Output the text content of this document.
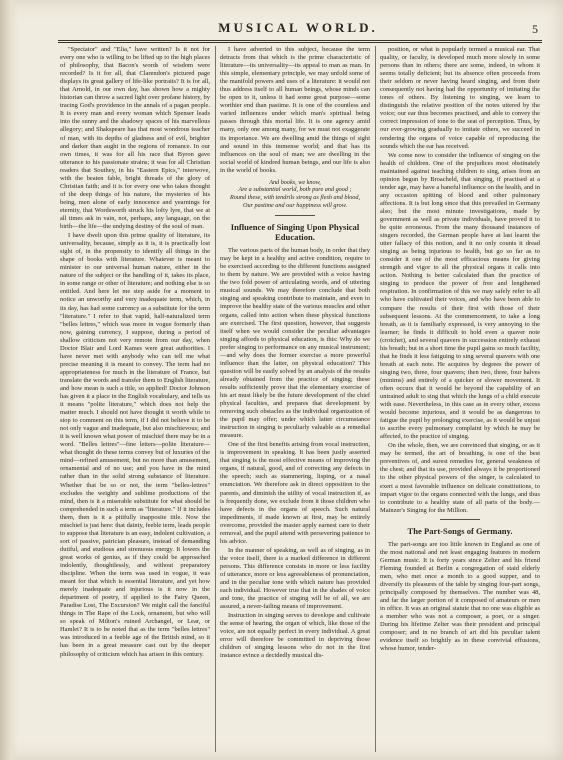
MUSICAL WORLD.	5

"Spectator" and "Elia," have written? Is it not for every one who is willing to be lifted up to the high places of philosophy, that Bacon's words of wisdom were recorded? Is it for all, that Clarendon's pictured page displays its great gallery of life-like portraits? It is for all, that Arnold, in our own day, has shown how a mighty historian can throw a sacred light over profane history, by tracing God's providence in the annals of a pagan people. It is every man and every woman which Spenser leads into the sunny and the shadowy spaces of his marvellous allegory; and Shakspeare has that most wondrous teacher of man, with its depths of gladness and of evil, brighter and darker than aught in the regions of romance. In our own times, it was for all his race that Byron gave utterance to his passionate strains; it was for all Christian readers that Southey, in his "Eastern Epics," interwove, with the beaten fable, bright threads of the glory of Christian faith; and it is for every one who takes thought of the deep things of his nature, the mysteries of his being, men alone of early innocence and yearnings for eternity, that Wordsworth struck his lofty lyre, that we at all times ask in vain, not, perhaps, any language, on the birth—the life—the undying destiny of the soul of man.

I have dwelt upon this prime quality of literature, its universality, because, simply as it is, it is practically lost sight of, in the propensity to identify all things in the shape of books with literature. Whatever is meant to minister to our universal human nature, either in the nature of the subject or the handling of it, takes its place, in some range or other of literature; and nothing else is so entitled. And here let me step aside for a moment to notice an unworthy and very inadequate term, which, in its day, has had some currency as a substitute for the term "literature." I refer to that vapid, half-naturalized term "belles lettres," which was more in vogue formerly than now, gaining currency, I suppose, during a period of shallow criticism not very remote from our day, when Doctor Blair and Lord Kames were great authorities. I have never met with anybody who can tell me what precise meaning it is meant to convey. The term had no appropriateness for much in the literature of France, but translate the words and transfer them to English literature, and how mean is such a title, so applied! Doctor Johnson has given it a place in the English vocabulary, and tells us it means "polite literature," which does not help the matter much. I should not have thought it worth while to stop to comment on this term, if I did not believe it to be not only vague and inadequate, but also mischievous; and it is well known what power of mischief there may be in a word. "Belles lettres"—fine letters—polite literature—what thought do these terms convey but of luxuries of the mind—refined amusement, but no more than amusement, ornamental and of no use; and you have in the mind rather than in the solid strong substance of literature. Whether that be so or not, the term "belles-lettres" excludes the weighty and sublime productions of the mind, then is it a miserable substitute for what should be comprehended in such a term as "literature." If it includes them, then is it a pitifully inapposite title. Now the mischief is just here: that dainty, feeble term, leads people to suppose that literature is an easy, indolent cultivation, a sort of passive, patrician pleasure, instead of demanding dutiful, and studious and strenuous energy. It lowers the great works of genius, as if they could be approached indolently, thoughtlessly, and without preparatory discipline. When the term was used in vogue, it was meant for that which is essential literature, and yet how merely inadequate and injurious is it now in the department of poetry, if applied to the Fairy Queen, Paradise Lost, The Excursion? We might call the fanciful things in The Rape of the Lock, ornament, but who will so speak of Milton's ruined Archangel, or Lear, or Hamlet? It is to be noted that as the term "belles lettres" was introduced in a feeble age of the British mind, so it has been in a great measure cast out by the deeper philosophy of criticism which has arisen in this century.

I have adverted to this subject, because the term detracts from that which is the prime characteristic of literature—its universality—its appeal to man as man. In this simple, elementary principle, we may unfold some of the manifold powers and uses of a literature: it would not thus address itself to all human beings, whose minds can be open to it, unless it had some great purpose—some worthier end than pastime. It is one of the countless and varied influences under which man's spiritual being passes through this mortal life. It is one agency amid many, only one among many, for we must not exaggerate its importance. We are dwelling amid the things of sight and sound in this immense world; and that has its influences on the soul of man; we are dwelling in the social world of kindred human beings, and our life is also in the world of books.

And books, we know,
Are a substantial world, both pure and good ;
Round these, with tendrils strong as flesh and blood,
Our pastime and our happiness will grow.
Influence of Singing Upon Physical Education.

The various parts of the human body, in order that they may be kept in a healthy and active condition, require to be exercised according to the different functions assigned to them by nature. We are provided with a voice having the two fold power of articulating words, and of uttering musical sounds. We may therefore conclude that both singing and speaking contribute to maintain, and even to improve the healthy state of the various muscles and other organs, called into action when these physical functions are exercised. The first question, however, that suggests itself when we would consider the peculiar advantages singing affords to physical education, is this: Why do we prefer singing to performance on any musical instrument;—and why does the former exercise a more powerful influence than the latter, on physical education? This question will be easily solved by an analysis of the results already obtained from the practice of singing; these results sufficiently prove that the elementary exercise of his art must likely be the future development of the chief physical faculties, and prepares that development by removing such obstacles as the individual organization of the pupil may offer; under which latter circumstance instruction in singing is peculiarly valuable as a remedial measure.

One of the first benefits arising from vocal instruction, is improvement in speaking. It has been justly asserted that singing is the most effective means of improving the organs, if natural, good, and of correcting any defects in the speech; such as stammering, lisping, or a nasal enunciation. We therefore ask in direct opposition to the parents, and diminish the utility of vocal instruction if, as is frequently done, we exclude from it those children who have defects in the organs of speech. Such natural impediments, if made known at first, may be entirely overcome, provided the master apply earnest care to their removal, and the pupil attend with persevering patience to his advice.

In the manner of speaking, as well as of singing, as in the voice itself, there is a marked difference in different persons. This difference consists in more or less facility of utterance, more or less agreeableness of pronunciation, and in the peculiar tone with which nature has provided each individual. However true that in the shades of voice and tone, the practice of singing will be of all, we are assured, a never-failing means of improvement.

Instruction in singing serves to develope and cultivate the sense of hearing, the organ of which, like those of the voice, are not equally perfect in every individual. A great error will therefore be committed in depriving those children of singing lessons who do not in the first instance evince a decidedly musical dis-

position, or what is popularly termed a musical ear. That quality, or faculty, is developed much more slowly in some persons than in others; there are some, indeed, in whom it seems totally deficient; but its absence often proceeds from their seldom or never having heard singing, and from their consequently not having had the opportunity of imitating the tones of others. By listening to singing, we learn to distinguish the relative position of the notes uttered by the voice; our ear thus becomes practised, and able to convey the correct impression of tone to the seat of perception. Thus, by our ever-growing gradually to imitate others, we succeed in rendering the organs of voice capable of reproducing the sounds which the ear has received.

We come now to consider the influence of singing on the health of children. One of the prejudices most obstinately maintained against teaching children to sing, arises from an opinion begun by Broacheld, that singing, if practised at a tender age, may have a baneful influence on the health, and in any occasion spitting of blood and other pulmonary affections. It is but long since that this prevailed in Germany also; but the most minute investigations, made by government as well as private individuals, have proved it to be quite erroneous. From the many thousand instances of singers recorded, the German people have at last learnt the utter fallacy of this notion, and it no only counts it dread singing as being injurious to health, but go so far as to consider it one of the most efficacious means for giving strength and vigor to all the physical organs it calls into action. Nothing is better calculated than the practice of singing to produce the power of free and lengthened respiration. In confirmation of this we may safely refer to all who have cultivated their voices, and who have been able to compare the results of their first with those of their subsequent lessons. At the commencement, to take a long breath, as it is familiarly expressed, is very annoying to the learner; he finds it difficult to hold even a quaver note (crotchet), and several quavers in succession entirely exhaust his breath; but in a short time the pupil gains so much facility, that he finds it less fatiguing to sing several quavers with one breath at each note. He acquires by degrees the power of singing two, three, four quavers; then two, three, four halves (minims) and entirely of a quicker or slower movement. It often occurs that it would be beyond the capability of an untrained adult to sing that which the lungs of a child execute with ease. Nevertheless, in this case as in every other, excess would become injurious, and it would be as dangerous to fatigue the pupil by prolonging exercise, as it would be unjust to ascribe every pulmonary complaint by which he may be affected, to the practice of singing.

On the whole, then, we are convinced that singing, or as it may be termed, the art of breathing, is one of the best preventives of, and surest remedies for, general weakness of the chest; and that its use, provided always it be proportioned to the other physical powers of the singer, is calculated to exert a most favorable influence on delicate constitutions, to impart vigor to the organs connected with the lungs, and thus to contribute to a healthy state of all parts of the body.—Mainzer's Singing for the Million.

The Part-Songs of Germany.

The part-songs are too little known in England as one of the most national and not least engaging features in modern German music. It is forty years since Zelter and his friend Fleming founded at Berlin a congregation of staid elderly men, who met once a month to a good supper, and to diversify its pleasures of the table by singing four-part songs, principally composed by themselves. The number was 48, and far the larger portion of it composed of amateurs or men in office. It was an original statute that no one was eligible as a member who was not a composer, a poet, or a singer. During his lifetime Zelter was their president and principal composer; and in no branch of art did his peculiar talent evidence itself so brightly as in these convivial effusions, whose humor, tender-
